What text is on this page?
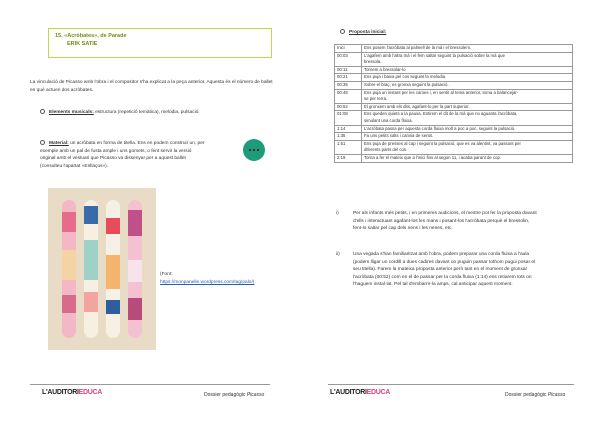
15. «Acròbates», de Parade
ERIK SATIE
La vinculació de Picasso amb l'obra i el compositor s'ha explicat a la peça anterior. Aquesta és el número de ballet en què actuen dos acròbates.
Elements musicals: estructura (repetició temàtica), melodia, pulsació.
Material: un acròbata en forma de titella. Ens en podem construir un, per
exemple amb un pal de fusta ample i uns gomets, o fent servir la versió
original amb el vestuari que Picasso va dissenyar per a aquest ballet
(consulteu l'apartat «Enllaços»).
(Font:
https://monpanelle.wordpress.com/tag/palo/)
L'AUDITORIEDUCA	Dossier pedagògic Picasso
Proposta inicial:
i)	Per als infants més petits, i en primeres audicions, el mestre pot fer la proposta davant
d'ells i interactuant agafant-los les mans i posant-los l'acròbata perquè el bressolin,
fent-lo saltar pel cap dels nens i les nenes, etc.
ii)	Una vegada s'han familiaritzat amb l'obra, podem preparar una corda fluixa a l'aula
(podem lligar un cordill a dues cadires davant on puguin passar tothom pugui posar el
seu titella). Farem la mateixa proposta anterior però tant en el moment de gronxar
l'acròbata (00:52) com en el de passar per la corda fluixa (1:14) ens retiarem tots on
l'haguem instal·lat. Pel tal d'embarrir-la amps, cal anticipar aquest moment.
L'AUDITORIEDUCA	Dossier pedagògic Picasso
Inici	Ens posem l'acròbata al palmell de la mà i el bressolem.

00:03	L'agafem amb l'altra mà i el fem saltar seguint la pulsació sobre la mà que
bressola.

00:11	Tornem a bressolar-lo

00:21	Ens puja i baixa pel cos seguint la melodia.

00:35	Sobre el braç, es gronxa seguint la pulsació.

00:48	Ens puja un instant per les cames i, en sentit al tema anterior, torna a balancejar-
se per terra.

00:52	El gronxem amb els dits, agafant-lo per la part superior.

01:08	Ens queden quiets a la pausa. Estirem el dit de la mà que no aguanta l'acròbata,
simulant una corda fluixa.

1:14	L'acròbata passa per aquesta corda fluixa molt a poc a poc, seguint la pulsació.

1:35	Fa uns petits salts i canvia de sentit.

1:51	Ens puja de presses al cap i seguint la pulsació, que es va alentint, va passant per
diferents parts del cos.

2:19	Torna a fer el mateix que a l'inici fins al segon 11, i acaba parant de cop.
